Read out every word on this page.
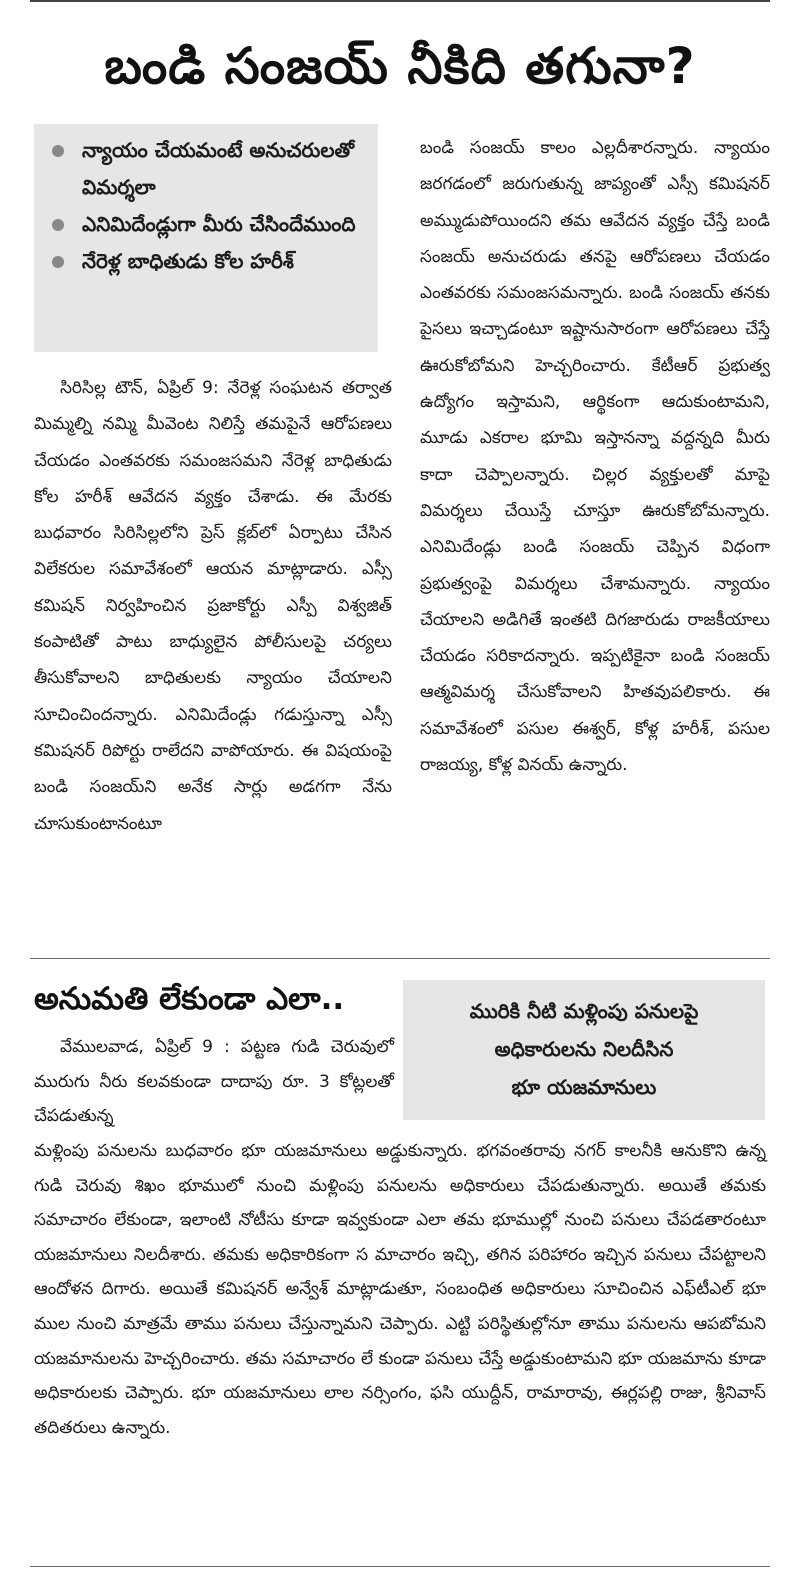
బండి సంజయ్ నీకిది తగునా?
న్యాయం చేయమంటే అనుచరులతో విమర్శలా
ఎనిమిదేండ్లుగా మీరు చేసిందేముంది
నేరెళ్ల బాధితుడు కోల హరీశ్

సిరిసిల్ల టౌన్, ఏప్రిల్ 9: నేరెళ్ల సంఘటన తర్వాత మిమ్మల్ని నమ్మి మీవెంట నిలిస్తే తమపైనే ఆరోపణలు చేయడం ఎంతవరకు సమంజసమని నేరెళ్ల బాధితుడు కోల హరీశ్ ఆవేదన వ్యక్తం చేశాడు. ఈ మేరకు బుధవారం సిరిసిల్లలోని ప్రెస్ క్లబ్‌లో ఏర్పాటు చేసిన విలేకరుల సమావేశంలో ఆయన మాట్లాడారు. ఎస్సీ కమిషన్ నిర్వహించిన ప్రజాకోర్టు ఎస్పీ విశ్వజిత్ కంపాటితో పాటు బాధ్యులైన పోలీసులపై చర్యలు తీసుకోవాలని బాధితులకు న్యాయం చేయాలని సూచించిందన్నారు. ఎనిమిదేండ్లు గడుస్తున్నా ఎస్సీ కమిషనర్ రిపోర్టు రాలేదని వాపోయారు. ఈ విషయంపై బండి సంజయ్‌ని అనేక సార్లు అడగగా నేను చూసుకుంటానంటూ

బండి సంజయ్ కాలం ఎల్లదీశారన్నారు. న్యాయం జరగడంలో జరుగుతున్న జాప్యంతో ఎస్సీ కమిషనర్ అమ్ముడుపోయిందని తమ ఆవేదన వ్యక్తం చేస్తే బండి సంజయ్ అనుచరుడు తనపై ఆరోపణలు చేయడం ఎంతవరకు సమంజసమన్నారు. బండి సంజయ్ తనకు పైసలు ఇచ్చాడంటూ ఇష్టానుసారంగా ఆరోపణలు చేస్తే ఊరుకోబోమని హెచ్చరించారు. కేటీఆర్ ప్రభుత్వ ఉద్యోగం ఇస్తామని, ఆర్థికంగా ఆదుకుంటామని, మూడు ఎకరాల భూమి ఇస్తానన్నా వద్దన్నది మీరు కాదా చెప్పాలన్నారు. చిల్లర వ్యక్తులతో మాపై విమర్శలు చేయిస్తే చూస్తూ ఊరుకోబోమన్నారు. ఎనిమిదేండ్లు బండి సంజయ్ చెప్పిన విధంగా ప్రభుత్వంపై విమర్శలు చేశామన్నారు. న్యాయం చేయాలని అడిగితే ఇంతటి దిగజారుడు రాజకీయాలు చేయడం సరికాదన్నారు. ఇప్పటికైనా బండి సంజయ్ ఆత్మవిమర్శ చేసుకోవాలని హితవుపలికారు. ఈ సమావేశంలో పసుల ఈశ్వర్, కోళ్ల హరీశ్, పసుల రాజయ్య, కోళ్ల వినయ్ ఉన్నారు.

అనుమతి లేకుండా ఎలా..	మురికి నీటి మళ్లింపు పనులపై
అధికారులను నిలదీసిన
భూ యజమానులు

వేములవాడ, ఏప్రిల్ 9 : పట్టణ గుడి చెరువులో మురుగు నీరు కలవకుండా దాదాపు రూ. 3 కోట్లలతో చేపడుతున్న

మళ్లింపు పనులను బుధవారం భూ యజమానులు అడ్డుకున్నారు. భగవంతరావు నగర్ కాలనీకి ఆనుకొని ఉన్న గుడి చెరువు శిఖం భూములో నుంచి మళ్లింపు పనులను అధికారులు చేపడుతున్నారు. అయితే తమకు సమాచారం లేకుండా, ఇలాంటి నోటీసు కూడా ఇవ్వకుండా ఎలా తమ భూముల్లో నుంచి పనులు చేపడతారంటూ యజమానులు నిలదీశారు. తమకు అధికారికంగా స మాచారం ఇచ్చి, తగిన పరిహారం ఇచ్చిన పనులు చేపట్టాలని ఆందోళన దిగారు. అయితే కమిషనర్ అన్వేశ్ మాట్లాడుతూ, సంబంధిత అధికారులు సూచించిన ఎఫ్‌టీఎల్ భూ ముల నుంచి మాత్రమే తాము పనులు చేస్తున్నామని చెప్పారు. ఎట్టి పరిస్థితుల్లోనూ తాము పనులను ఆపబోమని యజమానులను హెచ్చరించారు. తమ సమాచారం లే కుండా పనులు చేస్తే అడ్డుకుంటామని భూ యజమాను కూడా అధికారులకు చెప్పారు. భూ యజమానులు లాల నర్సింగం, ఫసి యుద్దీన్, రామారావు, ఈర్లపల్లి రాజు, శ్రీనివాస్ తదితరులు ఉన్నారు.
